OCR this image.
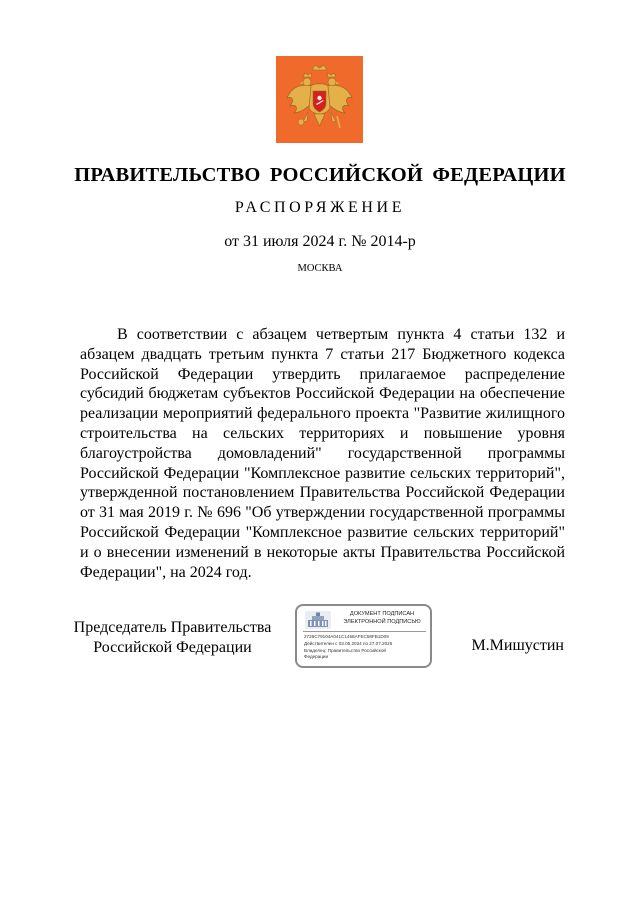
ПРАВИТЕЛЬСТВО РОССИЙСКОЙ ФЕДЕРАЦИИ
РАСПОРЯЖЕНИЕ
от 31 июля 2024 г. № 2014-р
МОСКВА

В соответствии с абзацем четвертым пункта 4 статьи 132 и абзацем двадцать третьим пункта 7 статьи 217 Бюджетного кодекса Российской Федерации утвердить прилагаемое распределение субсидий бюджетам субъектов Российской Федерации на обеспечение реализации мероприятий федерального проекта "Развитие жилищного строительства на сельских территориях и повышение уровня благоустройства домовладений" государственной программы Российской Федерации "Комплексное развитие сельских территорий", утвержденной постановлением Правительства Российской Федерации от 31 мая 2019 г. № 696 "Об утверждении государственной программы Российской Федерации "Комплексное развитие сельских территорий" и о внесении изменений в некоторые акты Правительства Российской Федерации", на 2024 год.

Председатель Правительства
Российской Федерации
ДОКУМЕНТ ПОДПИСАН
ЭЛЕКТРОННОЙ ПОДПИСЬЮ
2726C79104A041C1458AFEC58FB1D09
Действителен с 03.05.2024 по 27.07.2025
Владелец: Правительство Российской
Федерации
М.Мишустин
